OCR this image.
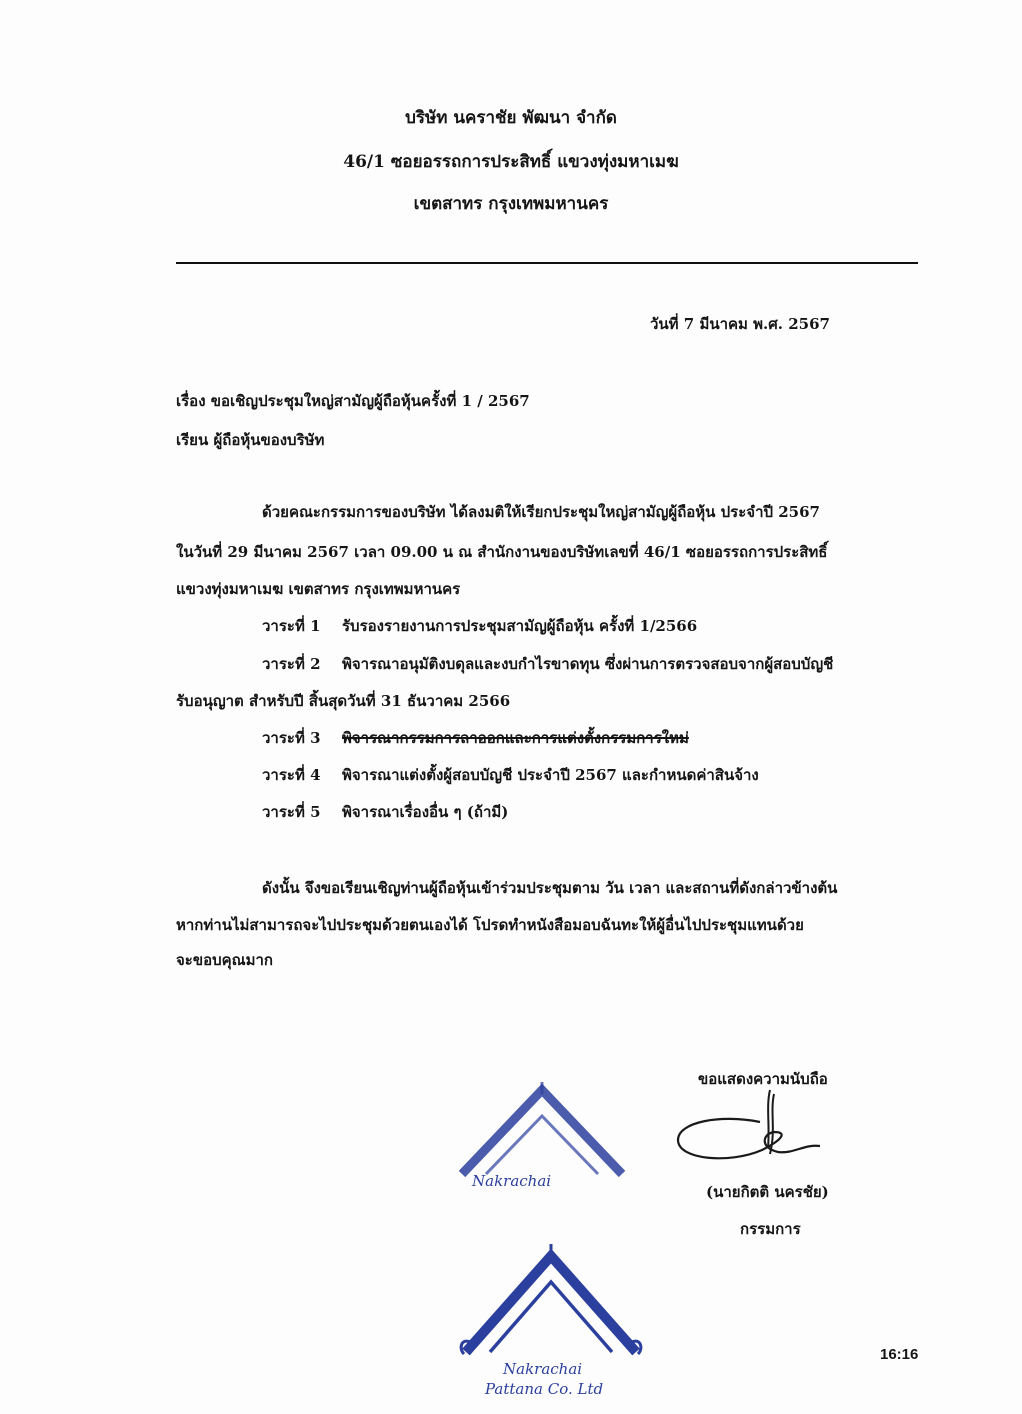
บริษัท นคราชัย พัฒนา จำกัด
46/1 ซอยอรรถการประสิทธิ์ แขวงทุ่งมหาเมฆ
เขตสาทร กรุงเทพมหานคร
วันที่ 7 มีนาคม พ.ศ. 2567
เรื่อง ขอเชิญประชุมใหญ่สามัญผู้ถือหุ้นครั้งที่ 1 / 2567
เรียน ผู้ถือหุ้นของบริษัท
ด้วยคณะกรรมการของบริษัท ได้ลงมติให้เรียกประชุมใหญ่สามัญผู้ถือหุ้น ประจำปี 2567
ในวันที่ 29 มีนาคม 2567 เวลา 09.00 น ณ สำนักงานของบริษัทเลขที่ 46/1 ซอยอรรถการประสิทธิ์
แขวงทุ่งมหาเมฆ เขตสาทร กรุงเทพมหานคร
วาระที่ 1 รับรองรายงานการประชุมสามัญผู้ถือหุ้น ครั้งที่ 1/2566
วาระที่ 2 พิจารณาอนุมัติงบดุลและงบกำไรขาดทุน ซึ่งผ่านการตรวจสอบจากผู้สอบบัญชี
รับอนุญาต สำหรับปี สิ้นสุดวันที่ 31 ธันวาคม 2566
วาระที่ 3 พิจารณากรรมการลาออกและการแต่งตั้งกรรมการใหม่
วาระที่ 4 พิจารณาแต่งตั้งผู้สอบบัญชี ประจำปี 2567 และกำหนดค่าสินจ้าง
วาระที่ 5 พิจารณาเรื่องอื่น ๆ (ถ้ามี)
ดังนั้น จึงขอเรียนเชิญท่านผู้ถือหุ้นเข้าร่วมประชุมตาม วัน เวลา และสถานที่ดังกล่าวข้างต้น
หากท่านไม่สามารถจะไปประชุมด้วยตนเองได้ โปรดทำหนังสือมอบฉันทะให้ผู้อื่นไปประชุมแทนด้วย
จะขอบคุณมาก
ขอแสดงความนับถือ
(นายกิตติ นครชัย)
กรรมการ
Nakrachai
Nakrachai
Pattana Co. Ltd
16:16
